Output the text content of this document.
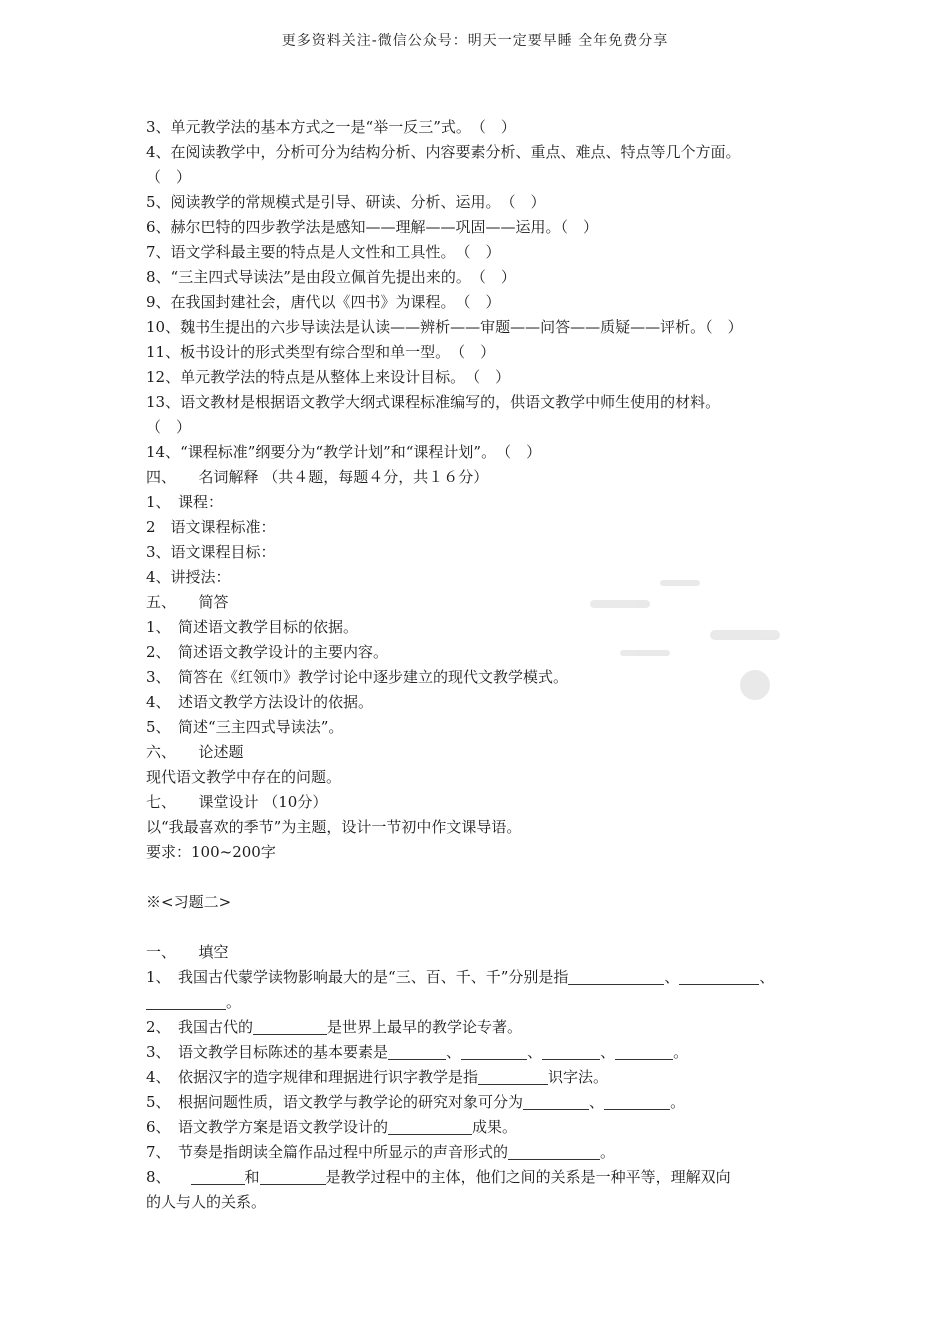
更多资料关注-微信公众号：明天一定要早睡 全年免费分享
3、单元教学法的基本方式之一是“举一反三”式。　（　）
4、在阅读教学中，分析可分为结构分析、内容要素分析、重点、难点、特点等几个方面。
（　）
5、阅读教学的常规模式是引导、研读、分析、运用。　（　）
6、赫尔巴特的四步教学法是感知——理解——巩固——运用。（　）
7、语文学科最主要的特点是人文性和工具性。　（　）
8、“三主四式导读法”是由段立佩首先提出来的。　（　）
9、在我国封建社会，唐代以《四书》为课程。　（　）
10、魏书生提出的六步导读法是认读——辨析——审题——问答——质疑——评析。（　）
11、板书设计的形式类型有综合型和单一型。　（　）
12、单元教学法的特点是从整体上来设计目标。　（　）
13、语文教材是根据语文教学大纲式课程标准编写的，供语文教学中师生使用的材料。
（　）
14、“课程标准”纲要分为“教学计划”和“课程计划”。　（　）
四、　　名词解释 （共４题，每题４分，共１６分）
1、　课程：
2　语文课程标准：
3、语文课程目标：
4、讲授法：
五、　　简答
1、　简述语文教学目标的依据。
2、　简述语文教学设计的主要内容。
3、　简答在《红领巾》教学讨论中逐步建立的现代文教学模式。
4、　述语文教学方法设计的依据。
5、　简述“三主四式导读法”。
六、　　论述题
现代语文教学中存在的问题。
七、　　课堂设计 （10分）
以“我最喜欢的季节”为主题，设计一节初中作文课导语。
要求：100~200字
※<习题二>
一、　　填空
1、　我国古代蒙学读物影响最大的是“三、百、千、千”分别是指	、	、
。
2、　我国古代的	是世界上最早的教学论专著。
3、　语文教学目标陈述的基本要素是	、	、	、	。
4、　依据汉字的造字规律和理据进行识字教学是指	识字法。
5、　根据问题性质，语文教学与教学论的研究对象可分为	、	。
6、　语文教学方案是语文教学设计的	成果。
7、　节奏是指朗读全篇作品过程中所显示的声音形式的	。
8、	和	是教学过程中的主体，他们之间的关系是一种平等，理解双向
的人与人的关系。
